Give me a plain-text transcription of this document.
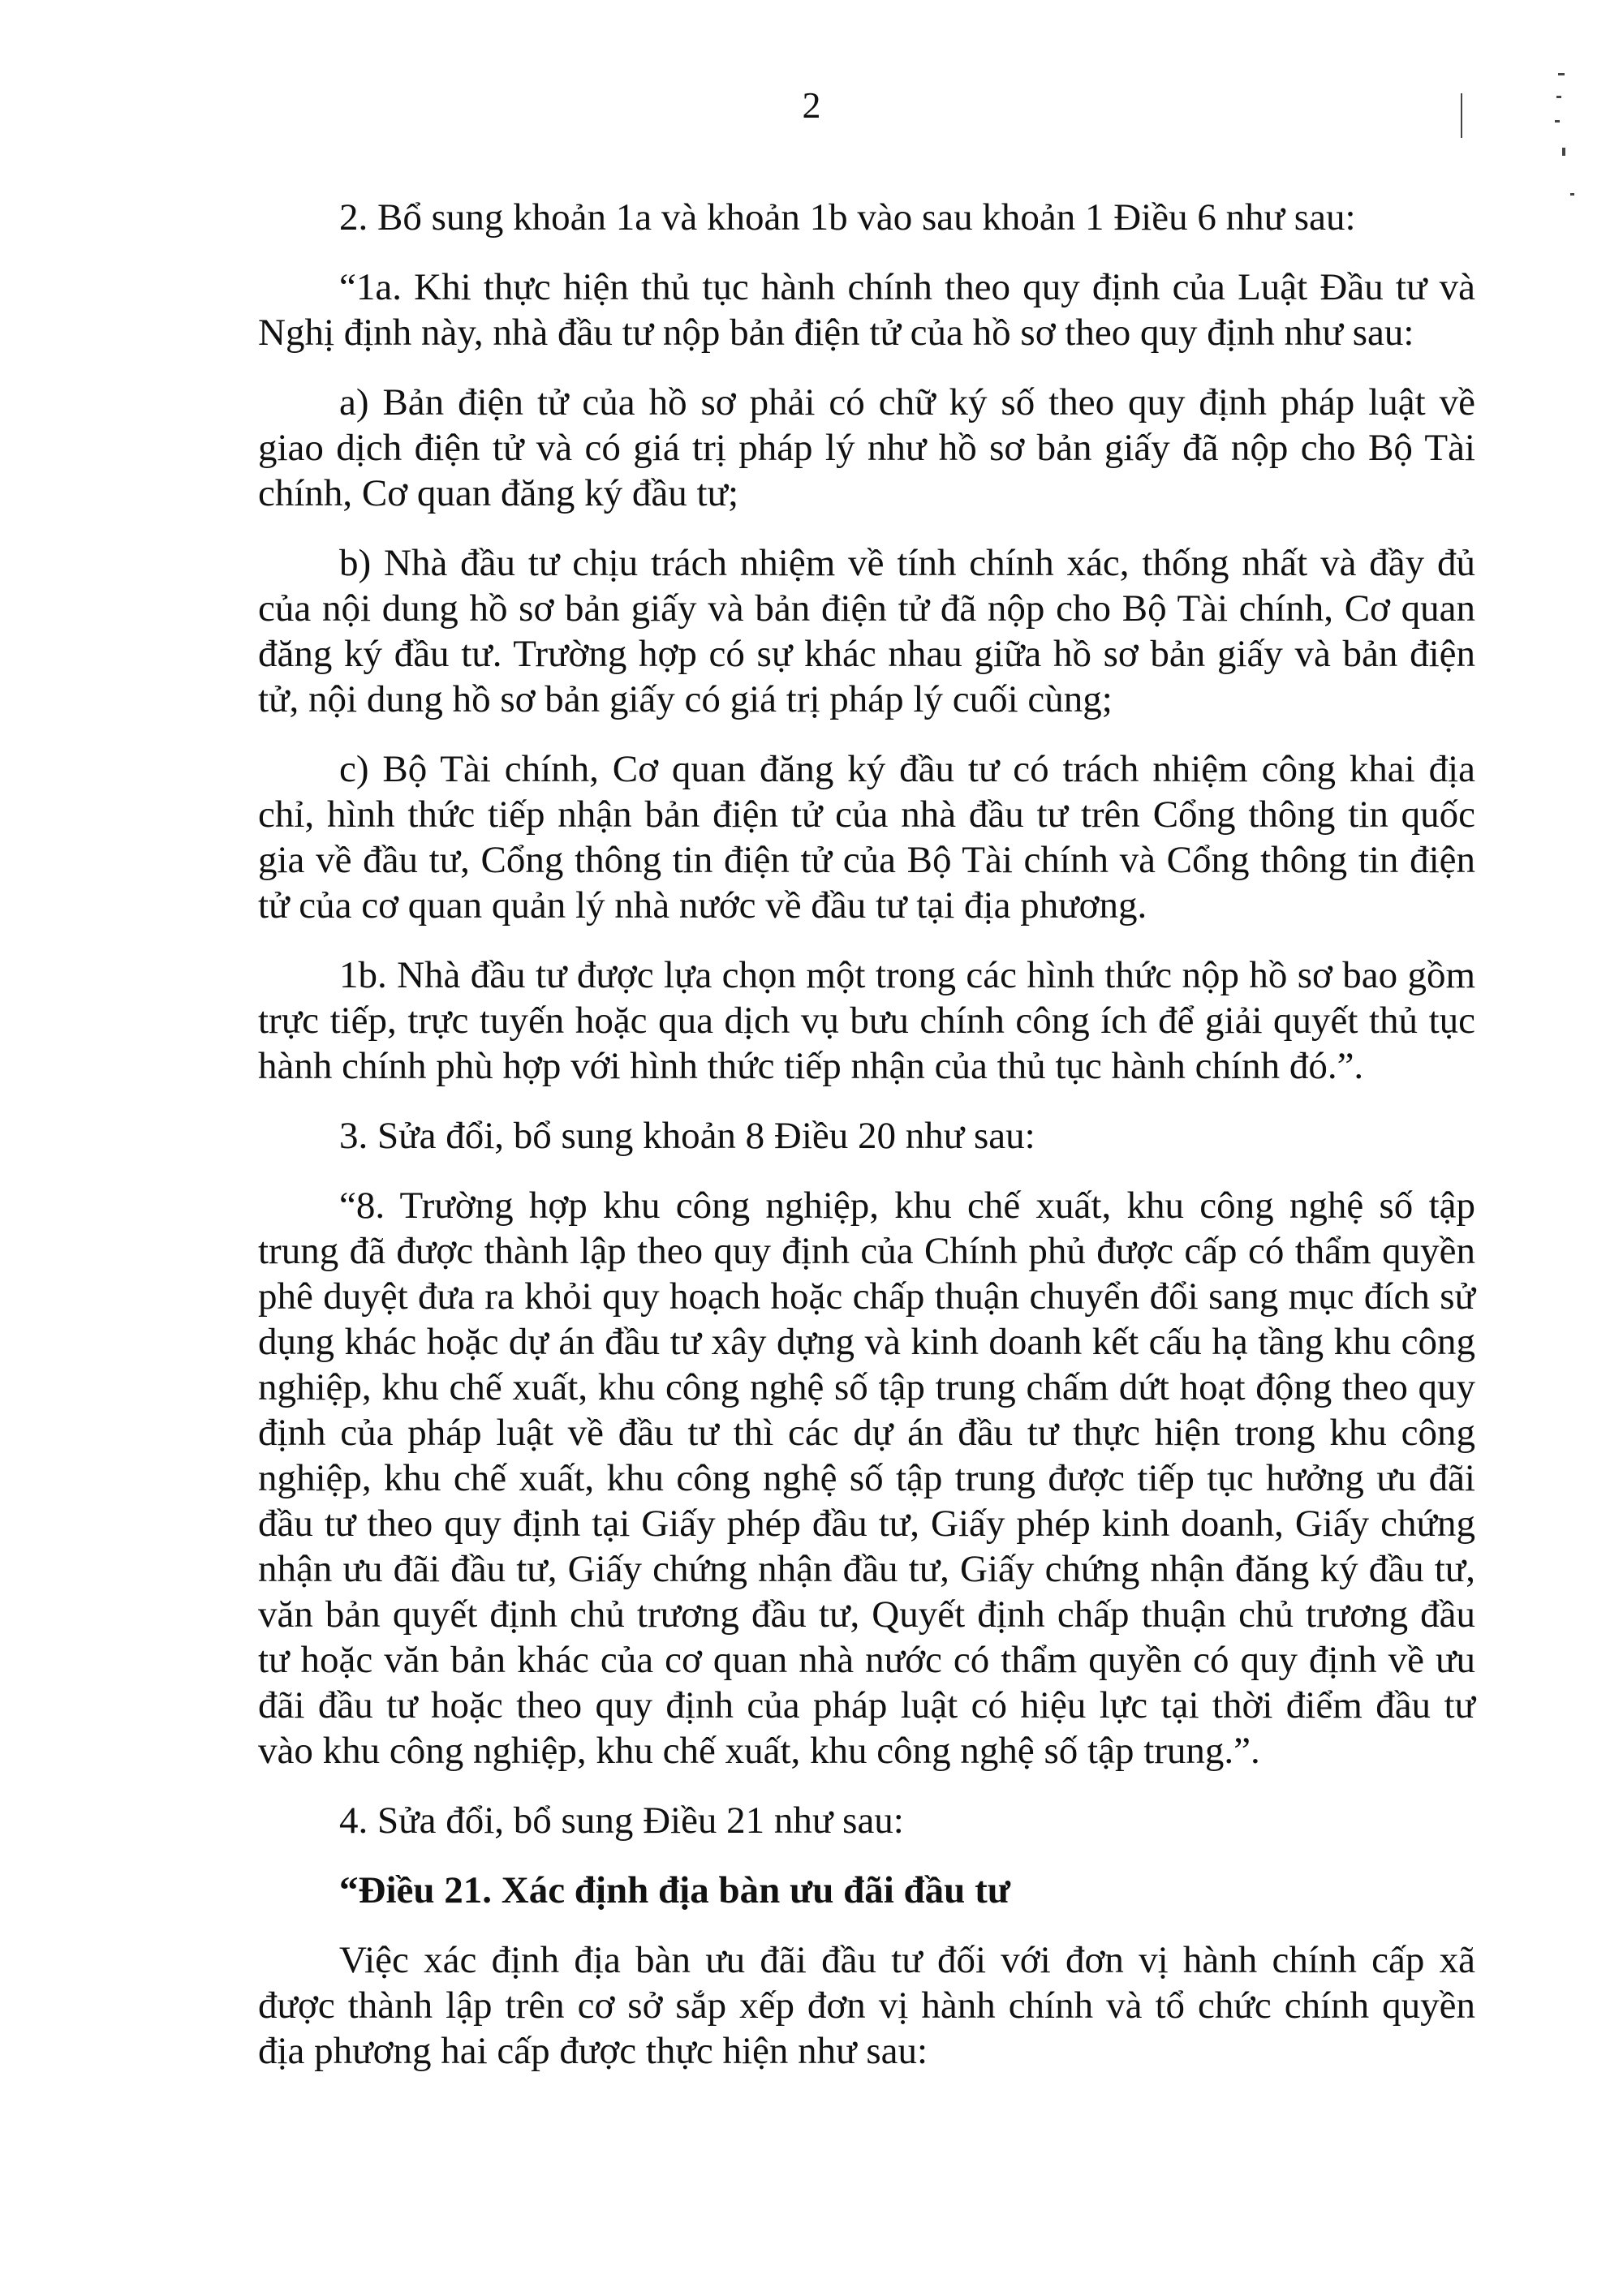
2

2. Bổ sung khoản 1a và khoản 1b vào sau khoản 1 Điều 6 như sau:

“1a. Khi thực hiện thủ tục hành chính theo quy định của Luật Đầu tư và Nghị định này, nhà đầu tư nộp bản điện tử của hồ sơ theo quy định như sau:

a) Bản điện tử của hồ sơ phải có chữ ký số theo quy định pháp luật về giao dịch điện tử và có giá trị pháp lý như hồ sơ bản giấy đã nộp cho Bộ Tài chính, Cơ quan đăng ký đầu tư;

b) Nhà đầu tư chịu trách nhiệm về tính chính xác, thống nhất và đầy đủ của nội dung hồ sơ bản giấy và bản điện tử đã nộp cho Bộ Tài chính, Cơ quan đăng ký đầu tư. Trường hợp có sự khác nhau giữa hồ sơ bản giấy và bản điện tử, nội dung hồ sơ bản giấy có giá trị pháp lý cuối cùng;

c) Bộ Tài chính, Cơ quan đăng ký đầu tư có trách nhiệm công khai địa chỉ, hình thức tiếp nhận bản điện tử của nhà đầu tư trên Cổng thông tin quốc gia về đầu tư, Cổng thông tin điện tử của Bộ Tài chính và Cổng thông tin điện tử của cơ quan quản lý nhà nước về đầu tư tại địa phương.

1b. Nhà đầu tư được lựa chọn một trong các hình thức nộp hồ sơ bao gồm trực tiếp, trực tuyến hoặc qua dịch vụ bưu chính công ích để giải quyết thủ tục hành chính phù hợp với hình thức tiếp nhận của thủ tục hành chính đó.”.

3. Sửa đổi, bổ sung khoản 8 Điều 20 như sau:

“8. Trường hợp khu công nghiệp, khu chế xuất, khu công nghệ số tập trung đã được thành lập theo quy định của Chính phủ được cấp có thẩm quyền phê duyệt đưa ra khỏi quy hoạch hoặc chấp thuận chuyển đổi sang mục đích sử dụng khác hoặc dự án đầu tư xây dựng và kinh doanh kết cấu hạ tầng khu công nghiệp, khu chế xuất, khu công nghệ số tập trung chấm dứt hoạt động theo quy định của pháp luật về đầu tư thì các dự án đầu tư thực hiện trong khu công nghiệp, khu chế xuất, khu công nghệ số tập trung được tiếp tục hưởng ưu đãi đầu tư theo quy định tại Giấy phép đầu tư, Giấy phép kinh doanh, Giấy chứng nhận ưu đãi đầu tư, Giấy chứng nhận đầu tư, Giấy chứng nhận đăng ký đầu tư, văn bản quyết định chủ trương đầu tư, Quyết định chấp thuận chủ trương đầu tư hoặc văn bản khác của cơ quan nhà nước có thẩm quyền có quy định về ưu đãi đầu tư hoặc theo quy định của pháp luật có hiệu lực tại thời điểm đầu tư vào khu công nghiệp, khu chế xuất, khu công nghệ số tập trung.”.

4. Sửa đổi, bổ sung Điều 21 như sau:

“Điều 21. Xác định địa bàn ưu đãi đầu tư

Việc xác định địa bàn ưu đãi đầu tư đối với đơn vị hành chính cấp xã được thành lập trên cơ sở sắp xếp đơn vị hành chính và tổ chức chính quyền địa phương hai cấp được thực hiện như sau:
